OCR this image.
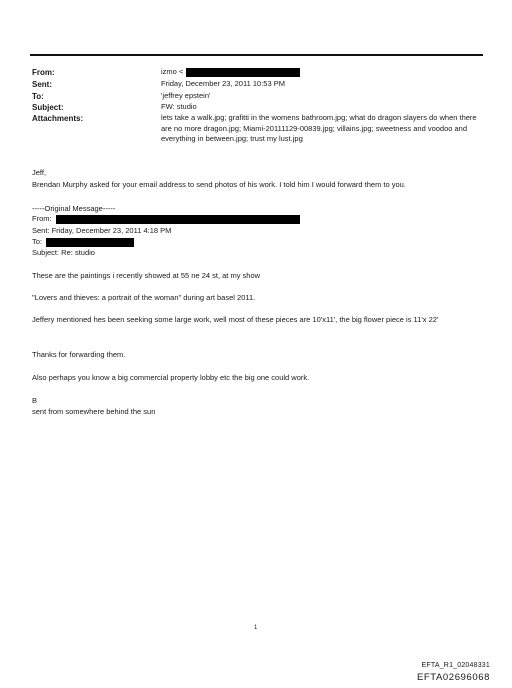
From:
Sent:
To:
Subject:
Attachments:
izmo <
Friday, December 23, 2011 10:53 PM
'jeffrey epstein'
FW: studio
lets take a walk.jpg; grafitti in the womens bathroom.jpg; what do dragon slayers do when there are no more dragon.jpg; Miami-20111129-00839.jpg; villains.jpg; sweetness and voodoo and everything in between.jpg; trust my lust.jpg
Jeff,
Brendan Murphy asked for your email address to send photos of his work. I told him I would forward them to you.
-----Original Message-----
From:
Sent: Friday, December 23, 2011 4:18 PM
To:
Subject: Re: studio
These are the paintings i recently showed at 55 ne 24 st, at my show
"Lovers and thieves: a portrait of the woman" during art basel 2011.
Jeffery mentioned hes been seeking some large work, well most of these pieces are 10'x11', the big flower piece is 11'x 22'
Thanks for forwarding them.
Also perhaps you know a big commercial property lobby etc the big one could work.
B
sent from somewhere behind the sun
1
EFTA_R1_02048331
EFTA02696068
